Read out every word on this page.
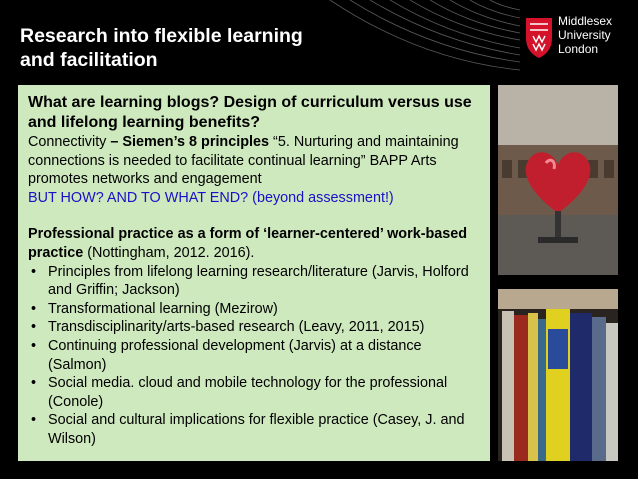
Research into flexible learning
and facilitation
Middlesex
University
London
What are learning blogs? Design of curriculum versus use and lifelong learning benefits?
Connectivity – Siemen’s 8 principles “5. Nurturing and maintaining connections is needed to facilitate continual learning” BAPP Arts promotes networks and engagement
BUT HOW? AND TO WHAT END? (beyond assessment!)
Professional practice as a form of ‘learner-centered’ work-based practice (Nottingham, 2012. 2016).
• Principles from lifelong learning research/literature (Jarvis, Holford and Griffin; Jackson)
• Transformational learning (Mezirow)
• Transdisciplinarity/arts-based research (Leavy, 2011, 2015)
• Continuing professional development (Jarvis) at a distance (Salmon)
• Social media. cloud and mobile technology for the professional (Conole)
• Social and cultural implications for flexible practice (Casey, J. and Wilson)
